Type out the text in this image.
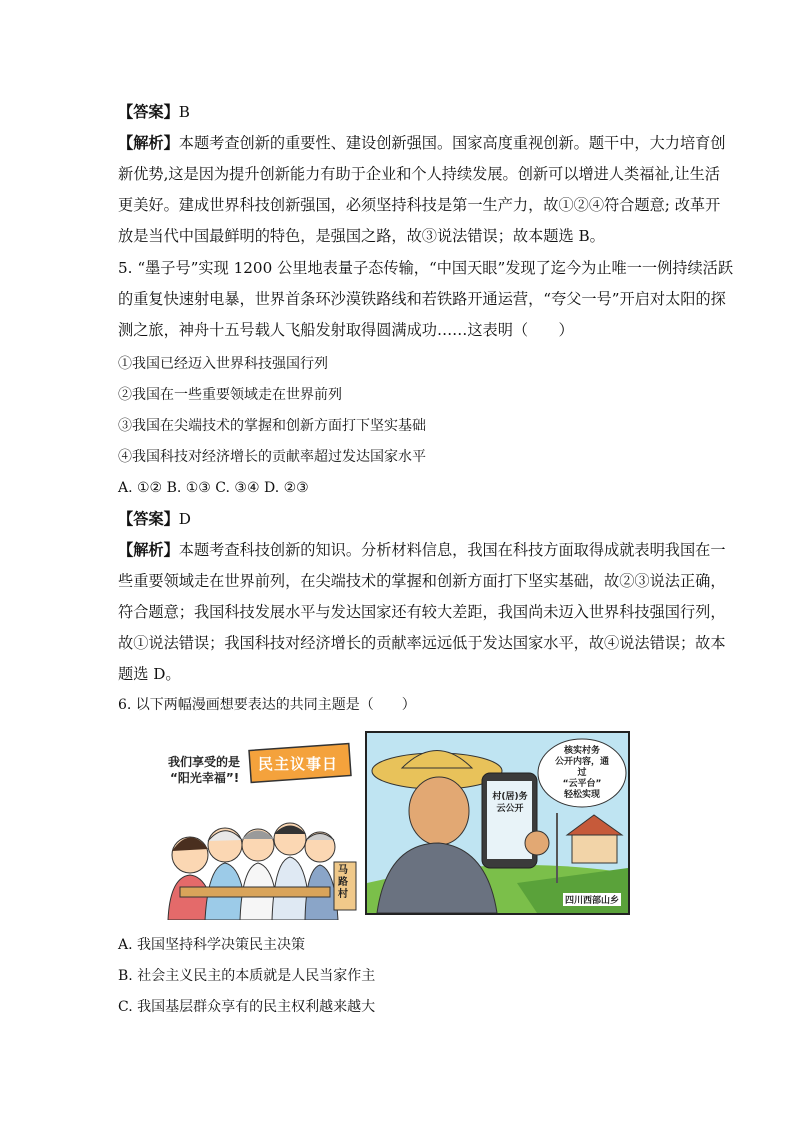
【答案】B
【解析】本题考查创新的重要性、建设创新强国。国家高度重视创新。题干中，大力培育创
新优势,这是因为提升创新能力有助于企业和个人持续发展。创新可以增进人类福祉,让生活
更美好。建成世界科技创新强国，必须坚持科技是第一生产力，故①②④符合题意; 改革开
放是当代中国最鲜明的特色，是强国之路，故③说法错误；故本题选 B。
5. “墨子号”实现 1200 公里地表量子态传输，“中国天眼”发现了迄今为止唯一一例持续活跃
的重复快速射电暴，世界首条环沙漠铁路线和若铁路开通运营，“夸父一号”开启对太阳的探
测之旅，神舟十五号载人飞船发射取得圆满成功……这表明（　　）
①我国已经迈入世界科技强国行列
②我国在一些重要领域走在世界前列
③我国在尖端技术的掌握和创新方面打下坚实基础
④我国科技对经济增长的贡献率超过发达国家水平
A. ①② B. ①③ C. ③④ D. ②③
【答案】D
【解析】本题考查科技创新的知识。分析材料信息，我国在科技方面取得成就表明我国在一
些重要领域走在世界前列，在尖端技术的掌握和创新方面打下坚实基础，故②③说法正确，
符合题意；我国科技发展水平与发达国家还有较大差距，我国尚未迈入世界科技强国行列，
故①说法错误；我国科技对经济增长的贡献率远远低于发达国家水平，故④说法错误；故本
题选 D。
6. 以下两幅漫画想要表达的共同主题是（　　）
我们享受的是
“阳光幸福”!
民主议事日
马路村
核实村务
公开内容，通过
“云平台”
轻松实现
村(居)务
云公开
四川西部山乡
A. 我国坚持科学决策民主决策
B. 社会主义民主的本质就是人民当家作主
C. 我国基层群众享有的民主权利越来越大
